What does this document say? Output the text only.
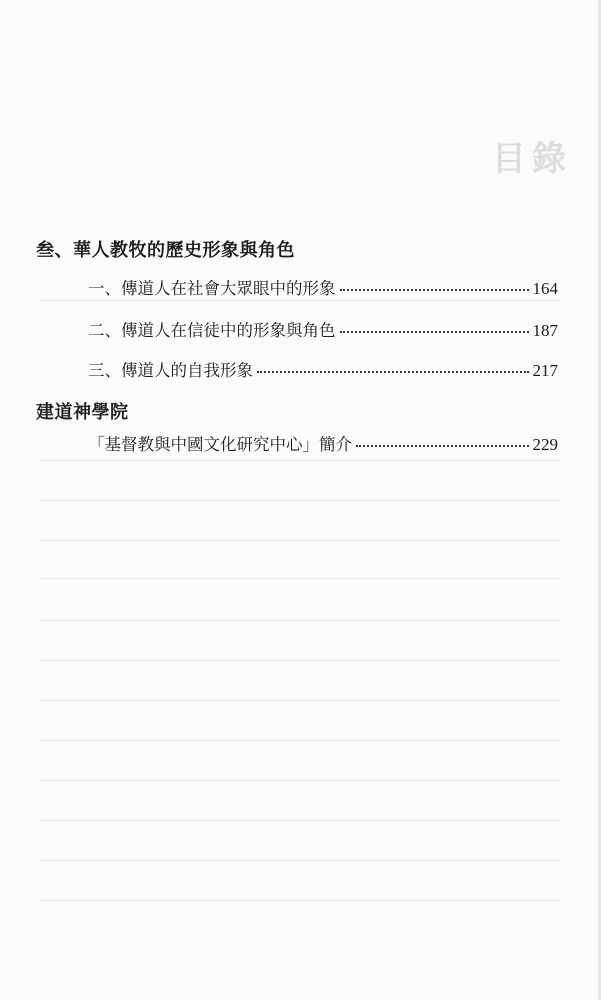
目錄
叁、華人教牧的歷史形象與角色
一、傳道人在社會大眾眼中的形象	164
二、傳道人在信徒中的形象與角色	187
三、傳道人的自我形象	217
建道神學院
「基督教與中國文化研究中心」簡介	229
